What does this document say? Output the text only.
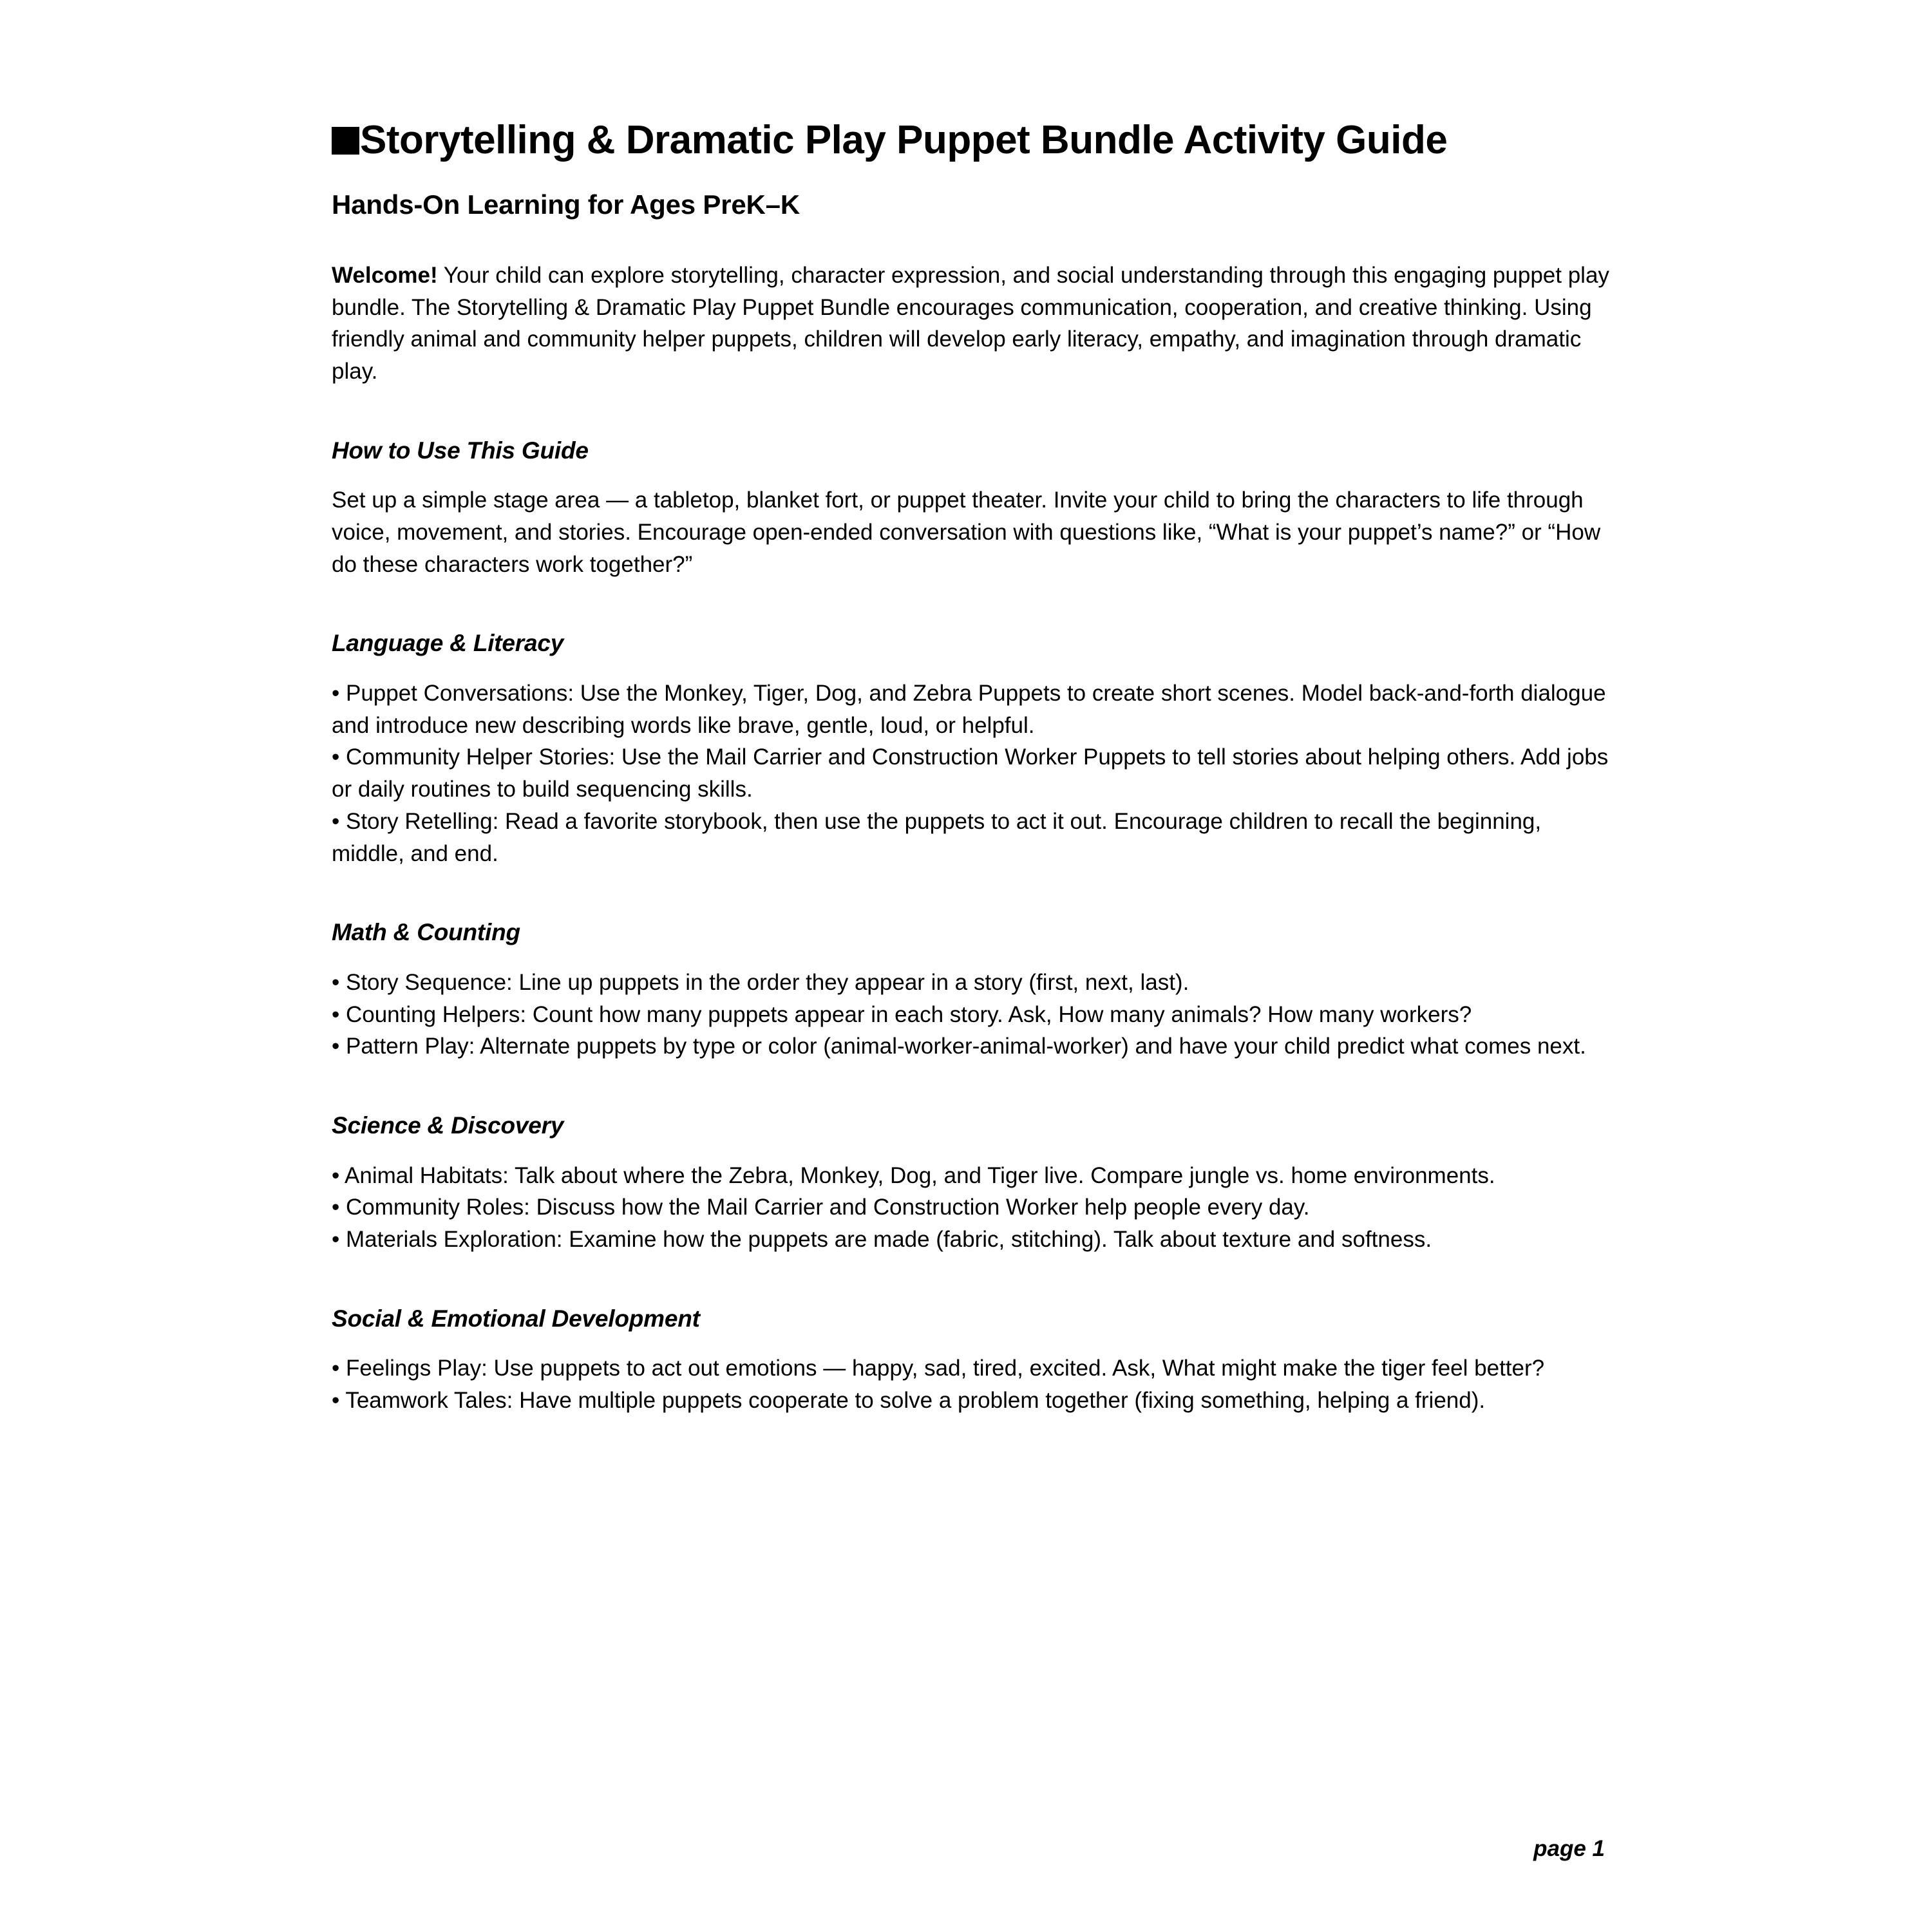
Storytelling & Dramatic Play Puppet Bundle Activity Guide
Hands-On Learning for Ages PreK–K

Welcome! Your child can explore storytelling, character expression, and social understanding through this engaging puppet play bundle. The Storytelling & Dramatic Play Puppet Bundle encourages communication, cooperation, and creative thinking. Using friendly animal and community helper puppets, children will develop early literacy, empathy, and imagination through dramatic play.

How to Use This Guide

Set up a simple stage area — a tabletop, blanket fort, or puppet theater. Invite your child to bring the characters to life through voice, movement, and stories. Encourage open-ended conversation with questions like, “What is your puppet’s name?” or “How do these characters work together?”

Language & Literacy

• Puppet Conversations: Use the Monkey, Tiger, Dog, and Zebra Puppets to create short scenes. Model back-and-forth dialogue and introduce new describing words like brave, gentle, loud, or helpful.

• Community Helper Stories: Use the Mail Carrier and Construction Worker Puppets to tell stories about helping others. Add jobs or daily routines to build sequencing skills.

• Story Retelling: Read a favorite storybook, then use the puppets to act it out. Encourage children to recall the beginning, middle, and end.

Math & Counting

• Story Sequence: Line up puppets in the order they appear in a story (first, next, last).

• Counting Helpers: Count how many puppets appear in each story. Ask, How many animals? How many workers?

• Pattern Play: Alternate puppets by type or color (animal-worker-animal-worker) and have your child predict what comes next.

Science & Discovery

• Animal Habitats: Talk about where the Zebra, Monkey, Dog, and Tiger live. Compare jungle vs. home environments.

• Community Roles: Discuss how the Mail Carrier and Construction Worker help people every day.

• Materials Exploration: Examine how the puppets are made (fabric, stitching). Talk about texture and softness.

Social & Emotional Development

• Feelings Play: Use puppets to act out emotions — happy, sad, tired, excited. Ask, What might make the tiger feel better?

• Teamwork Tales: Have multiple puppets cooperate to solve a problem together (fixing something, helping a friend).

page 1
